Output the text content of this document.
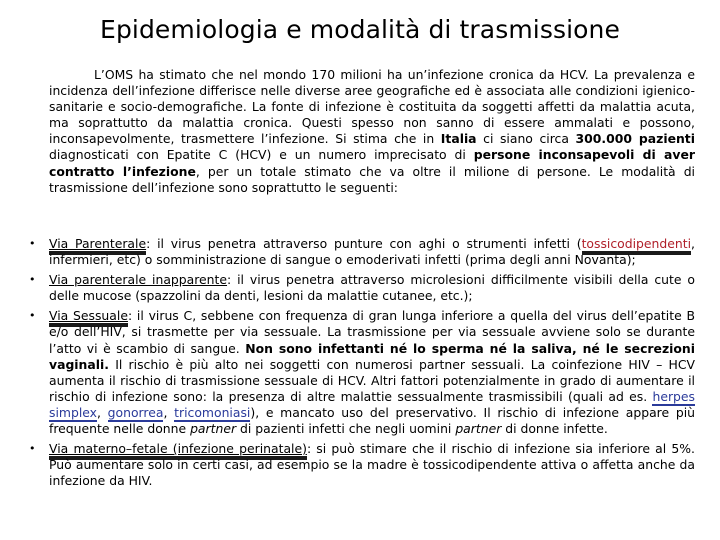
Epidemiologia e modalità di trasmissione
L’OMS ha stimato che nel mondo 170 milioni ha un’infezione cronica da HCV. La prevalenza e incidenza dell’infezione differisce nelle diverse aree geografiche ed è associata alle condizioni igienico-sanitarie e socio-demografiche. La fonte di infezione è costituita da soggetti affetti da malattia acuta, ma soprattutto da malattia cronica. Questi spesso non sanno di essere ammalati e possono, inconsapevolmente, trasmettere l’infezione. Si stima che in Italia ci siano circa 300.000 pazienti diagnosticati con Epatite C (HCV) e un numero imprecisato di persone inconsapevoli di aver contratto l’infezione, per un totale stimato che va oltre il milione di persone. Le modalità di trasmissione dell’infezione sono soprattutto le seguenti:
• Via Parenterale: il virus penetra attraverso punture con aghi o strumenti infetti (tossicodipendenti, infermieri, etc) o somministrazione di sangue o emoderivati infetti (prima degli anni Novanta);
• Via parenterale inapparente: il virus penetra attraverso microlesioni difficilmente visibili della cute o delle mucose (spazzolini da denti, lesioni da malattie cutanee, etc.);
• Via Sessuale: il virus C, sebbene con frequenza di gran lunga inferiore a quella del virus dell’epatite B e/o dell’HIV, si trasmette per via sessuale. La trasmissione per via sessuale avviene solo se durante l’atto vi è scambio di sangue. Non sono infettanti né lo sperma né la saliva, né le secrezioni vaginali. Il rischio è più alto nei soggetti con numerosi partner sessuali. La coinfezione HIV – HCV aumenta il rischio di trasmissione sessuale di HCV. Altri fattori potenzialmente in grado di aumentare il rischio di infezione sono: la presenza di altre malattie sessualmente trasmissibili (quali ad es. herpes simplex, gonorrea, tricomoniasi), e mancato uso del preservativo. Il rischio di infezione appare più frequente nelle donne partner di pazienti infetti che negli uomini partner di donne infette.
• Via materno–fetale (infezione perinatale): si può stimare che il rischio di infezione sia inferiore al 5%. Può aumentare solo in certi casi, ad esempio se la madre è tossicodipendente attiva o affetta anche da infezione da HIV.
